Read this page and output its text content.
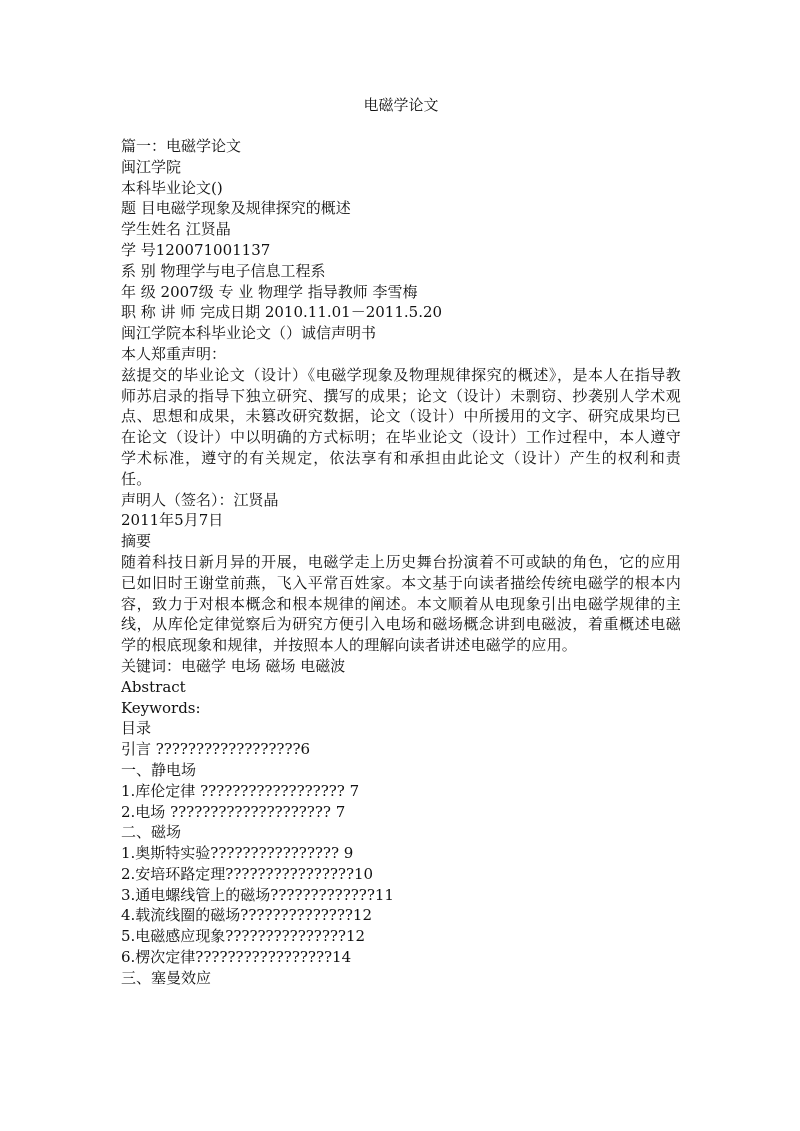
电磁学论文
篇一：电磁学论文
闽江学院
本科毕业论文()
题 目电磁学现象及规律探究的概述
学生姓名 江贤晶
学 号120071001137
系 别 物理学与电子信息工程系
年 级 2007级 专 业 物理学 指导教师 李雪梅
职 称 讲 师 完成日期 2010.11.01－2011.5.20
闽江学院本科毕业论文（）诚信声明书
本人郑重声明：
兹提交的毕业论文（设计）《电磁学现象及物理规律探究的概述》，是本人在指导教师苏启录的指导下独立研究、撰写的成果；论文（设计）未剽窃、抄袭别人学术观点、思想和成果，未篡改研究数据，论文（设计）中所援用的文字、研究成果均已在论文（设计）中以明确的方式标明；在毕业论文（设计）工作过程中，本人遵守学术标准，遵守的有关规定，依法享有和承担由此论文（设计）产生的权利和责任。
声明人（签名）：江贤晶
2011年5月7日
摘要
随着科技日新月异的开展，电磁学走上历史舞台扮演着不可或缺的角色，它的应用已如旧时王谢堂前燕，飞入平常百姓家。本文基于向读者描绘传统电磁学的根本内容，致力于对根本概念和根本规律的阐述。本文顺着从电现象引出电磁学规律的主线，从库伦定律觉察后为研究方便引入电场和磁场概念讲到电磁波，着重概述电磁学的根底现象和规律，并按照本人的理解向读者讲述电磁学的应用。
关键词：电磁学 电场 磁场 电磁波
Abstract
Keywords:
目录
引言 ??????????????????6
一、静电场
1.库伦定律 ?????????????????? 7
2.电场 ???????????????????? 7
二、磁场
1.奥斯特实验???????????????? 9
2.安培环路定理????????????????10
3.通电螺线管上的磁场?????????????11
4.载流线圈的磁场??????????????12
5.电磁感应现象???????????????12
6.楞次定律?????????????????14
三、塞曼效应
